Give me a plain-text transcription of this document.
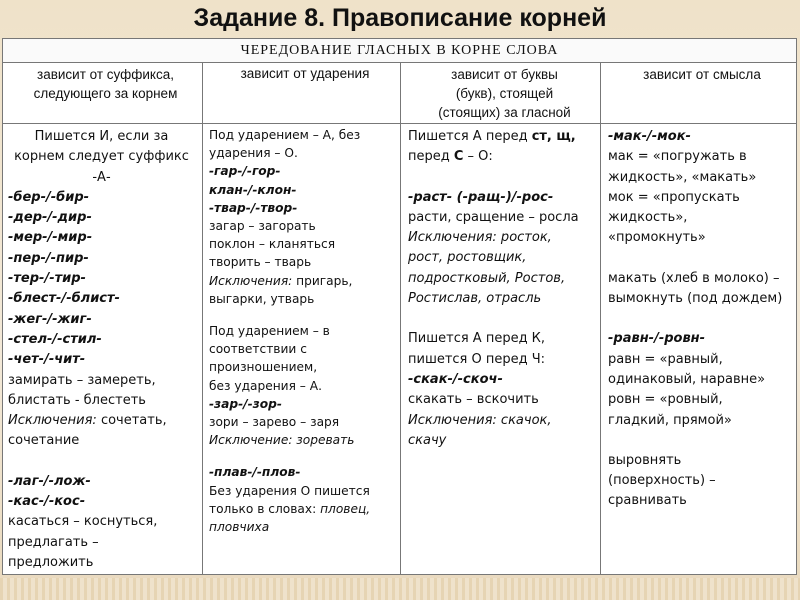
Задание 8. Правописание корней
ЧЕРЕДОВАНИЕ ГЛАСНЫХ В КОРНЕ СЛОВА
зависит от суффикса,
следующего за корнем
зависит от ударения	зависит от буквы
(букв), стоящей
(стоящих) за гласной
зависит от смысла
Пишется И, если за
корнем следует суффикс
-А-
-бер-/-бир-
-дер-/-дир-
-мер-/-мир-
-пер-/-пир-
-тер-/-тир-
-блест-/-блист-
-жег-/-жиг-
-стел-/-стил-
-чет-/-чит-
замирать – замереть,
блистать - блестеть
Исключения: сочетать,
сочетание
-лаг-/-лож-
-кас-/-кос-
касаться – коснуться,
предлагать –
предложить
Под ударением – А, без
ударения – О.
-гар-/-гор-
клан-/-клон-
-твар-/-твор-
загар – загорать
поклон – кланяться
творить – тварь
Исключения: пригарь,
выгарки, утварь
Под ударением – в
соответствии с
произношением,
без ударения – А.
-зар-/-зор-
зори – зарево – заря
Исключение: зоревать
-плав-/-плов-
Без ударения О пишется
только в словах: пловец,
пловчиха
Пишется А перед ст, щ,
перед С – О:
-раст- (-ращ-)/-рос-
расти, сращение – росла
Исключения: росток,
рост, ростовщик,
подростковый, Ростов,
Ростислав, отрасль
Пишется А перед К,
пишется О перед Ч:
-скак-/-скоч-
скакать – вскочить
Исключения: скачок,
скачу
-мак-/-мок-
мак = «погружать в
жидкость», «макать»
мок = «пропускать
жидкость»,
«промокнуть»
макать (хлеб в молоко) –
вымокнуть (под дождем)
-равн-/-ровн-
равн = «равный,
одинаковый, наравне»
ровн = «ровный,
гладкий, прямой»
выровнять
(поверхность) –
сравнивать
